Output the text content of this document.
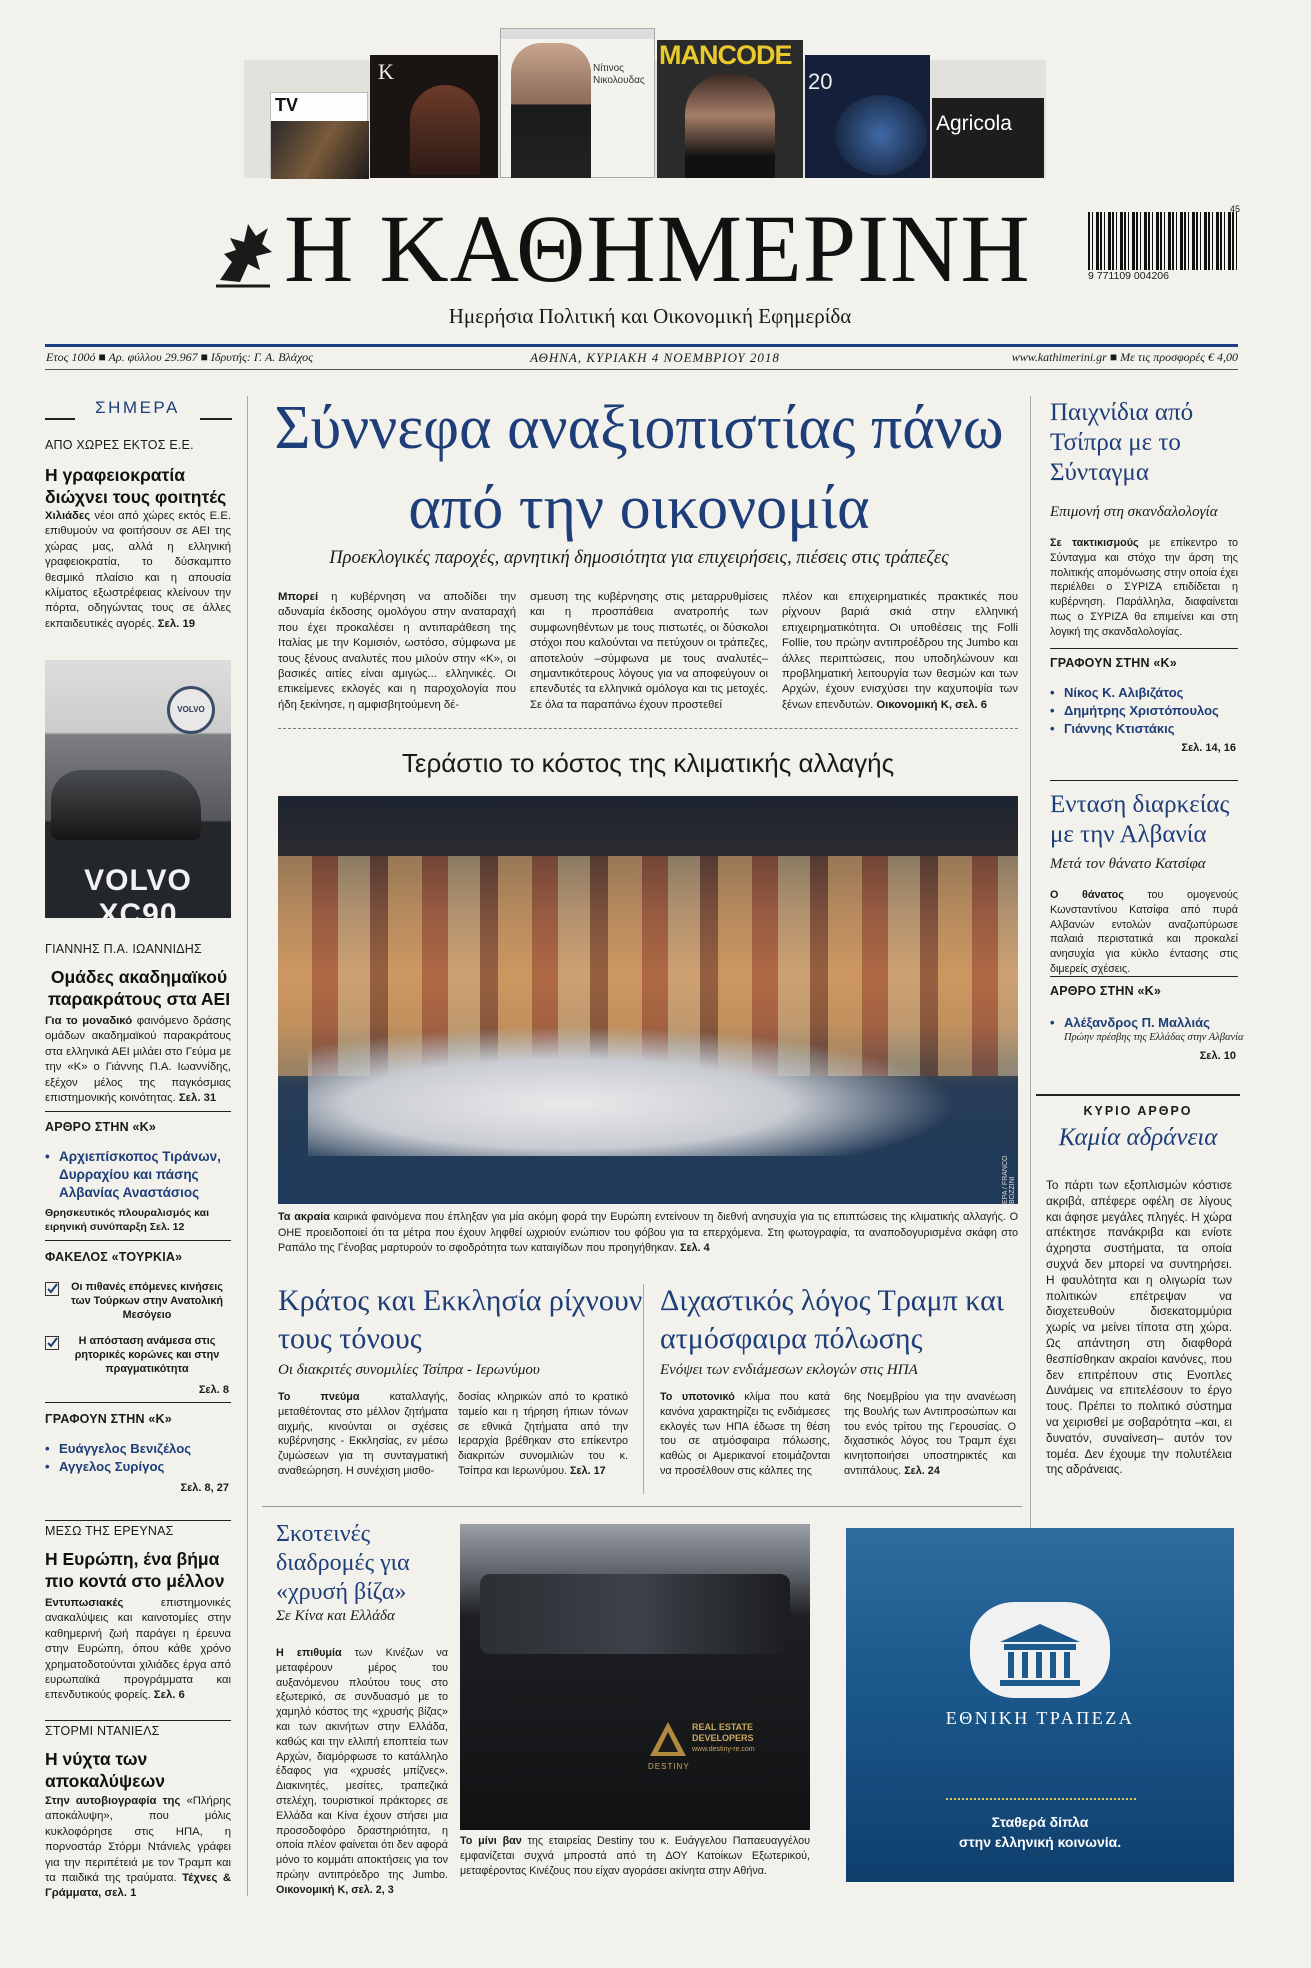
TV
K	Νίτινος Νικολουδας
MANCODE
20
Agricola
Η ΚΑΘΗΜΕΡΙΝΗ
Ημερήσια Πολιτική και Οικονομική Εφημερίδα
9 771109 004206
45
Ετος 100ό ■ Αρ. φύλλου 29.967 ■ Ιδρυτής: Γ. Α. Βλάχος	ΑΘΗΝΑ, ΚΥΡΙΑΚΗ 4 ΝΟΕΜΒΡΙΟΥ 2018	www.kathimerini.gr ■ Με τις προσφορές € 4,00
ΣΗΜΕΡΑ
ΑΠΟ ΧΩΡΕΣ ΕΚΤΟΣ Ε.Ε.
Η γραφειοκρατία διώχνει τους φοιτητές
Χιλιάδες νέοι από χώρες εκτός Ε.Ε. επιθυμούν να φοιτήσουν σε ΑΕΙ της χώρας μας, αλλά η ελληνική γραφειοκρατία, το δύσκαμπτο θεσμικό πλαίσιο και η απουσία κλίματος εξωστρέφειας κλείνουν την πόρτα, οδηγώντας τους σε άλλες εκπαιδευτικές αγορές. Σελ. 19
VOLVO
VOLVO XC90
ΓΙΑΝΝΗΣ Π.Α. ΙΩΑΝΝΙΔΗΣ
Ομάδες ακαδημαϊκού παρακράτους στα ΑΕΙ
Για το μοναδικό φαινόμενο δράσης ομάδων ακαδημαϊκού παρακράτους στα ελληνικά ΑΕΙ μιλάει στο Γεύμα με την «Κ» ο Γιάννης Π.Α. Ιωαννίδης, εξέχον μέλος της παγκόσμιας επιστημονικής κοινότητας. Σελ. 31
ΑΡΘΡΟ ΣΤΗΝ «Κ»
• Αρχιεπίσκοπος Τιράνων, Δυρραχίου και πάσης Αλβανίας Αναστάσιος
Θρησκευτικός πλουραλισμός και ειρηνική συνύπαρξη Σελ. 12
ΦΑΚΕΛΟΣ «ΤΟΥΡΚΙΑ»
Οι πιθανές επόμενες κινήσεις των Τούρκων στην Ανατολική Μεσόγειο
Η απόσταση ανάμεσα στις ρητορικές κορώνες και στην πραγματικότητα
Σελ. 8
ΓΡΑΦΟΥΝ ΣΤΗΝ «Κ»
• Ευάγγελος Βενιζέλος
• Αγγελος Συρίγος
Σελ. 8, 27
ΜΕΣΩ ΤΗΣ ΕΡΕΥΝΑΣ
Η Ευρώπη, ένα βήμα πιο κοντά στο μέλλον
Εντυπωσιακές επιστημονικές ανακαλύψεις και καινοτομίες στην καθημερινή ζωή παράγει η έρευνα στην Ευρώπη, όπου κάθε χρόνο χρηματοδοτούνται χιλιάδες έργα από ευρωπαϊκά προγράμματα και επενδυτικούς φορείς. Σελ. 6
ΣΤΟΡΜΙ ΝΤΑΝΙΕΛΣ
Η νύχτα των αποκαλύψεων
Στην αυτοβιογραφία της «Πλήρης αποκάλυψη», που μόλις κυκλοφόρησε στις ΗΠΑ, η πορνοστάρ Στόρμι Ντάνιελς γράφει για την περιπέτειά με τον Τραμπ και τα παιδικά της τραύματα. Τέχνες & Γράμματα, σελ. 1
Σύννεφα αναξιοπιστίας πάνω από την οικονομία
Προεκλογικές παροχές, αρνητική δημοσιότητα για επιχειρήσεις, πιέσεις στις τράπεζες
Μπορεί η κυβέρνηση να αποδίδει την αδυναμία έκδοσης ομολόγου στην αναταραχή που έχει προκαλέσει η αντιπαράθεση της Ιταλίας με την Κομισιόν, ωστόσο, σύμφωνα με τους ξένους αναλυτές που μιλούν στην «Κ», οι βασικές αιτίες είναι αμιγώς... ελληνικές. Οι επικείμενες εκλογές και η παροχολογία που ήδη ξεκίνησε, η αμφισβητούμενη δέ-
σμευση της κυβέρνησης στις μεταρρυθμίσεις και η προσπάθεια ανατροπής των συμφωνηθέντων με τους πιστωτές, οι δύσκολοι στόχοι που καλούνται να πετύχουν οι τράπεζες, αποτελούν –σύμφωνα με τους αναλυτές– σημαντικότερους λόγους για να αποφεύγουν οι επενδυτές τα ελληνικά ομόλογα και τις μετοχές. Σε όλα τα παραπάνω έχουν προστεθεί
πλέον και επιχειρηματικές πρακτικές που ρίχνουν βαριά σκιά στην ελληνική επιχειρηματικότητα. Οι υποθέσεις της Folli Follie, του πρώην αντιπροέδρου της Jumbo και άλλες περιπτώσεις, που υποδηλώνουν και προβληματική λειτουργία των θεσμών και των Αρχών, έχουν ενισχύσει την καχυποψία των ξένων επενδυτών. Οικονομική Κ, σελ. 6
Τεράστιο το κόστος της κλιματικής αλλαγής
EPA / FRANCO BOZZINI
Τα ακραία καιρικά φαινόμενα που έπληξαν για μία ακόμη φορά την Ευρώπη εντείνουν τη διεθνή ανησυχία για τις επιπτώσεις της κλιματικής αλλαγής. Ο ΟΗΕ προειδοποιεί ότι τα μέτρα που έχουν ληφθεί ωχριούν ενώπιον του φόβου για τα επερχόμενα. Στη φωτογραφία, τα αναποδογυρισμένα σκάφη στο Ραπάλο της Γένοβας μαρτυρούν το σφοδρότητα των καταιγίδων που προηγήθηκαν. Σελ. 4
Κράτος και Εκκλησία ρίχνουν τους τόνους
Οι διακριτές συνομιλίες Τσίπρα - Ιερωνύμου
Το πνεύμα καταλλαγής, μεταθέτοντας στο μέλλον ζητήματα αιχμής, κινούνται οι σχέσεις κυβέρνησης - Εκκλησίας, εν μέσω ζυμώσεων για τη συνταγματική αναθεώρηση. Η συνέχιση μισθο-
δοσίας κληρικών από το κρατικό ταμείο και η τήρηση ήπιων τόνων σε εθνικά ζητήματα από την Ιεραρχία βρέθηκαν στο επίκεντρο διακριτών συνομιλιών τoυ κ. Τσίπρα και Ιερωνύμου. Σελ. 17
Διχαστικός λόγος Τραμπ και ατμόσφαιρα πόλωσης
Ενόψει των ενδιάμεσων εκλογών στις ΗΠΑ
Το υποτονικό κλίμα που κατά κανόνα χαρακτηρίζει τις ενδιάμεσες εκλογές των ΗΠΑ έδωσε τη θέση του σε ατμόσφαιρα πόλωσης, καθώς οι Αμερικανοί ετοιμάζονται να προσέλθουν στις κάλπες της
6ης Νοεμβρίου για την ανανέωση της Βουλής των Αντιπροσώπων και του ενός τρίτου της Γερουσίας. Ο διχαστικός λόγος του Τραμπ έχει κινητοποιήσει υποστηρικτές και αντιπάλους. Σελ. 24
Σκοτεινές διαδρομές για «χρυσή βίζα»
Σε Κίνα και Ελλάδα
Η επιθυμία των Κινέζων να μεταφέρουν μέρος του αυξανόμενου πλούτου τους στο εξωτερικό, σε συνδυασμό με το χαμηλό κόστος της «χρυσής βίζας» και των ακινήτων στην Ελλάδα, καθώς και την ελλιπή εποπτεία των Αρχών, διαμόρφωσε το κατάλληλο έδαφος για «χρυσές μπίζνες». Διακινητές, μεσίτες, τραπεζικά στελέχη, τουριστικοί πράκτορες σε Ελλάδα και Κίνα έχουν στήσει μια προσοδοφόρο δραστηριότητα, η οποία πλέον φαίνεται ότι δεν αφορά μόνο το κομμάτι αποκτήσεις για τον πρώην αντιπρόεδρο της Jumbo. Οικονομική Κ, σελ. 2, 3
REAL ESTATE DEVELOPERS
DESTINY
www.destiny-re.com
Το μίνι βαν της εταιρείας Destiny του κ. Ευάγγελου Παπαευαγγέλου εμφανίζεται συχνά μπροστά από τη ΔΟΥ Κατοίκων Εξωτερικού, μεταφέροντας Κινέζους που είχαν αγοράσει ακίνητα στην Αθήνα.
Παιχνίδια από Τσίπρα με το Σύνταγμα
Επιμονή στη σκανδαλολογία
Σε τακτικισμούς με επίκεντρο το Σύνταγμα και στόχο την άρση της πολιτικής απομόνωσης στην οποία έχει περιέλθει ο ΣΥΡΙΖΑ επιδίδεται η κυβέρνηση. Παράλληλα, διαφαίνεται πως ο ΣΥΡΙΖΑ θα επιμείνει και στη λογική της σκανδαλολογίας.
ΓΡΑΦΟΥΝ ΣΤΗΝ «Κ»
• Νίκος Κ. Αλιβιζάτος
• Δημήτρης Χριστόπουλος
• Γιάννης Κτιστάκις
Σελ. 14, 16
Ενταση διαρκείας με την Αλβανία
Μετά τον θάνατο Κατσίφα
Ο θάνατος του ομογενούς Κωνσταντίνου Κατσίφα από πυρά Αλβανών εντολών αναζωπύρωσε παλαιά περιστατικά και προκαλεί ανησυχία για κύκλο έντασης στις διμερείς σχέσεις.
ΑΡΘΡΟ ΣΤΗΝ «Κ»
• Αλέξανδρος Π. Μαλλιάς
Πρώην πρέσβης της Ελλάδας στην Αλβανία
Σελ. 10
ΚΥΡΙΟ ΑΡΘΡΟ
Καμία αδράνεια
Το πάρτι των εξοπλισμών κόστισε ακριβά, απέφερε οφέλη σε λίγους και άφησε μεγάλες πληγές. Η χώρα απέκτησε πανάκριβα και ενίοτε άχρηστα συστήματα, τα οποία συχνά δεν μπορεί να συντηρήσει. Η φαυλότητα και η ολιγωρία των πολιτικών επέτρεψαν να διοχετευθούν δισεκατομμύρια χωρίς να μείνει τίποτα στη χώρα. Ως απάντηση στη διαφθορά θεσπίσθηκαν ακραίοι κανόνες, που δεν επιτρέπουν στις Ενοπλες Δυνάμεις να επιτελέσουν το έργο τους. Πρέπει το πολιτικό σύστημα να χειρισθεί με σοβαρότητα –και, ει δυνατόν, συναίνεση– αυτόν τον τομέα. Δεν έχουμε την πολυτέλεια της αδράνειας.
ΕΘΝΙΚΗ ΤΡΑΠΕΖΑ
Σταθερά δίπλα
στην ελληνική κοινωνία.
